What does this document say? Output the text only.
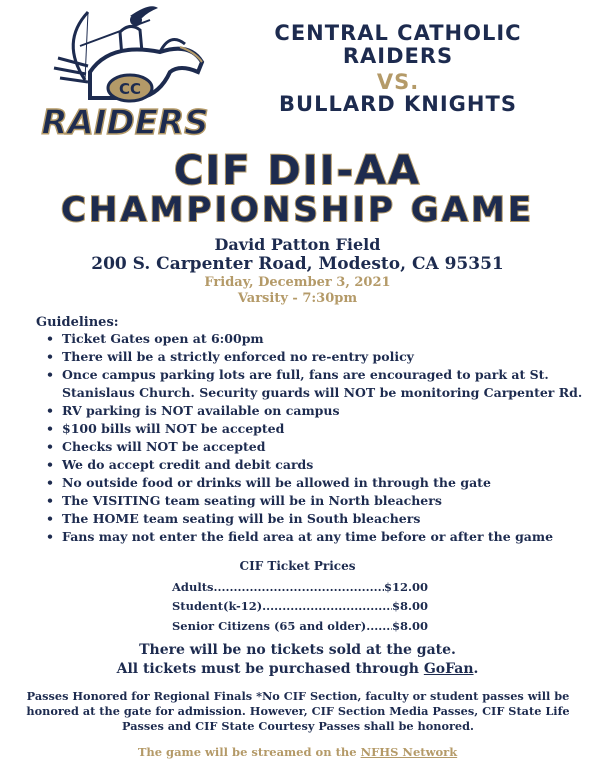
CC
RAIDERS
CENTRAL CATHOLIC RAIDERS
VS.
BULLARD KNIGHTS
CIF DII-AA
CHAMPIONSHIP GAME
David Patton Field
200 S. Carpenter Road, Modesto, CA 95351
Friday, December 3, 2021
Varsity - 7:30pm
Guidelines:
• Ticket Gates open at 6:00pm
• There will be a strictly enforced no re-entry policy
• Once campus parking lots are full, fans are encouraged to park at St. Stanislaus Church. Security guards will NOT be monitoring Carpenter Rd.
• RV parking is NOT available on campus
• $100 bills will NOT be accepted
• Checks will NOT be accepted
• We do accept credit and debit cards
• No outside food or drinks will be allowed in through the gate
• The VISITING team seating will be in North bleachers
• The HOME team seating will be in South bleachers
• Fans may not enter the field area at any time before or after the game
CIF Ticket Prices
Adults .....	$12.00
Student(k-12) .....	$8.00
Senior Citizens (65 and older) ..... $8.00
There will be no tickets sold at the gate.
All tickets must be purchased through GoFan.
Passes Honored for Regional Finals *No CIF Section, faculty or student passes will be honored at the gate for admission. However, CIF Section Media Passes, CIF State Life Passes and CIF State Courtesy Passes shall be honored.
The game will be streamed on the NFHS Network
